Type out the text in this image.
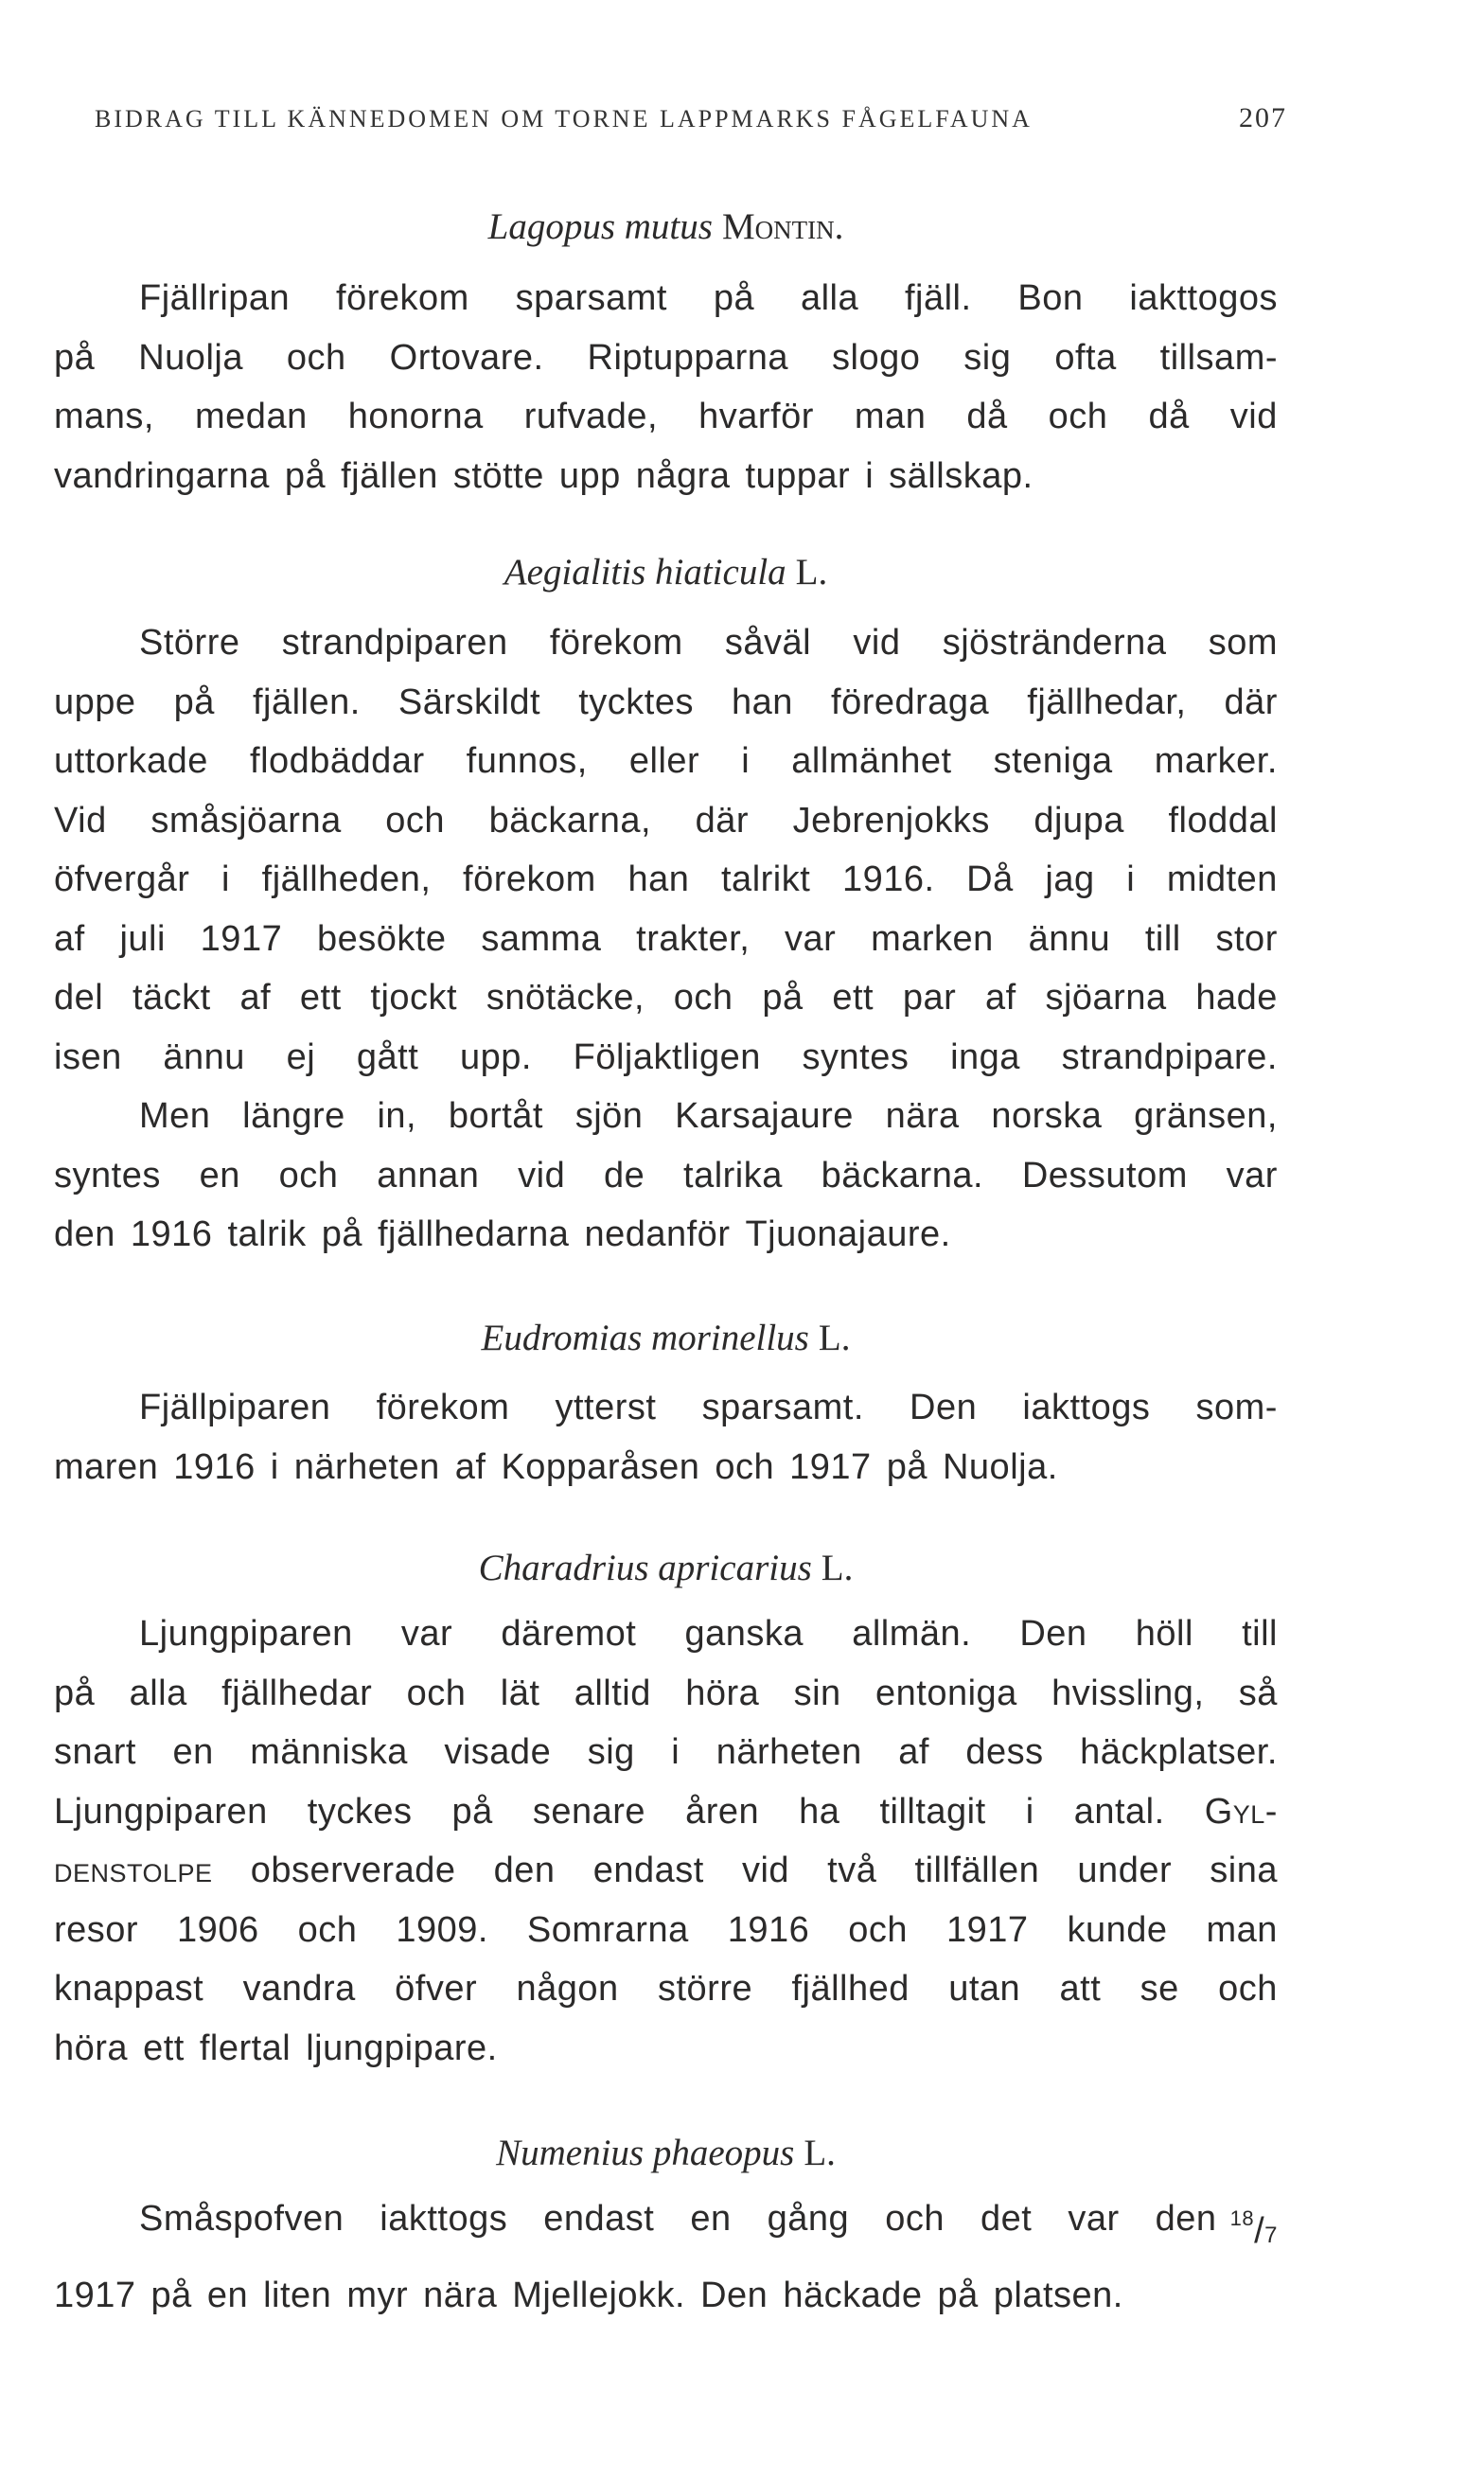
BIDRAG TILL KÄNNEDOMEN OM TORNE LAPPMARKS FÅGELFAUNA	207
Lagopus mutus Montin.
Fjällripan förekom sparsamt på alla fjäll. Bon iakttogos
på Nuolja och Ortovare. Riptupparna slogo sig ofta tillsam-
mans, medan honorna rufvade, hvarför man då och då vid
vandringarna på fjällen stötte upp några tuppar i sällskap.
Aegialitis hiaticula L.
Större strandpiparen förekom såväl vid sjöstränderna som
uppe på fjällen. Särskildt tycktes han föredraga fjällhedar, där
uttorkade flodbäddar funnos, eller i allmänhet steniga marker.
Vid småsjöarna och bäckarna, där Jebrenjokks djupa floddal
öfvergår i fjällheden, förekom han talrikt 1916. Då jag i midten
af juli 1917 besökte samma trakter, var marken ännu till stor
del täckt af ett tjockt snötäcke, och på ett par af sjöarna hade
isen ännu ej gått upp. Följaktligen syntes inga strandpipare.
Men längre in, bortåt sjön Karsajaure nära norska gränsen,
syntes en och annan vid de talrika bäckarna. Dessutom var
den 1916 talrik på fjällhedarna nedanför Tjuonajaure.
Eudromias morinellus L.
Fjällpiparen förekom ytterst sparsamt. Den iakttogs som-
maren 1916 i närheten af Kopparåsen och 1917 på Nuolja.
Charadrius apricarius L.
Ljungpiparen var däremot ganska allmän. Den höll till
på alla fjällhedar och lät alltid höra sin entoniga hvissling, så
snart en människa visade sig i närheten af dess häckplatser.
Ljungpiparen tyckes på senare åren ha tilltagit i antal. Gyl-
denstolpe observerade den endast vid två tillfällen under sina
resor 1906 och 1909. Somrarna 1916 och 1917 kunde man
knappast vandra öfver någon större fjällhed utan att se och
höra ett flertal ljungpipare.
Numenius phaeopus L.
Småspofven iakttogs endast en gång och det var den $^{18}$/7
1917 på en liten myr nära Mjellejokk. Den häckade på platsen.
